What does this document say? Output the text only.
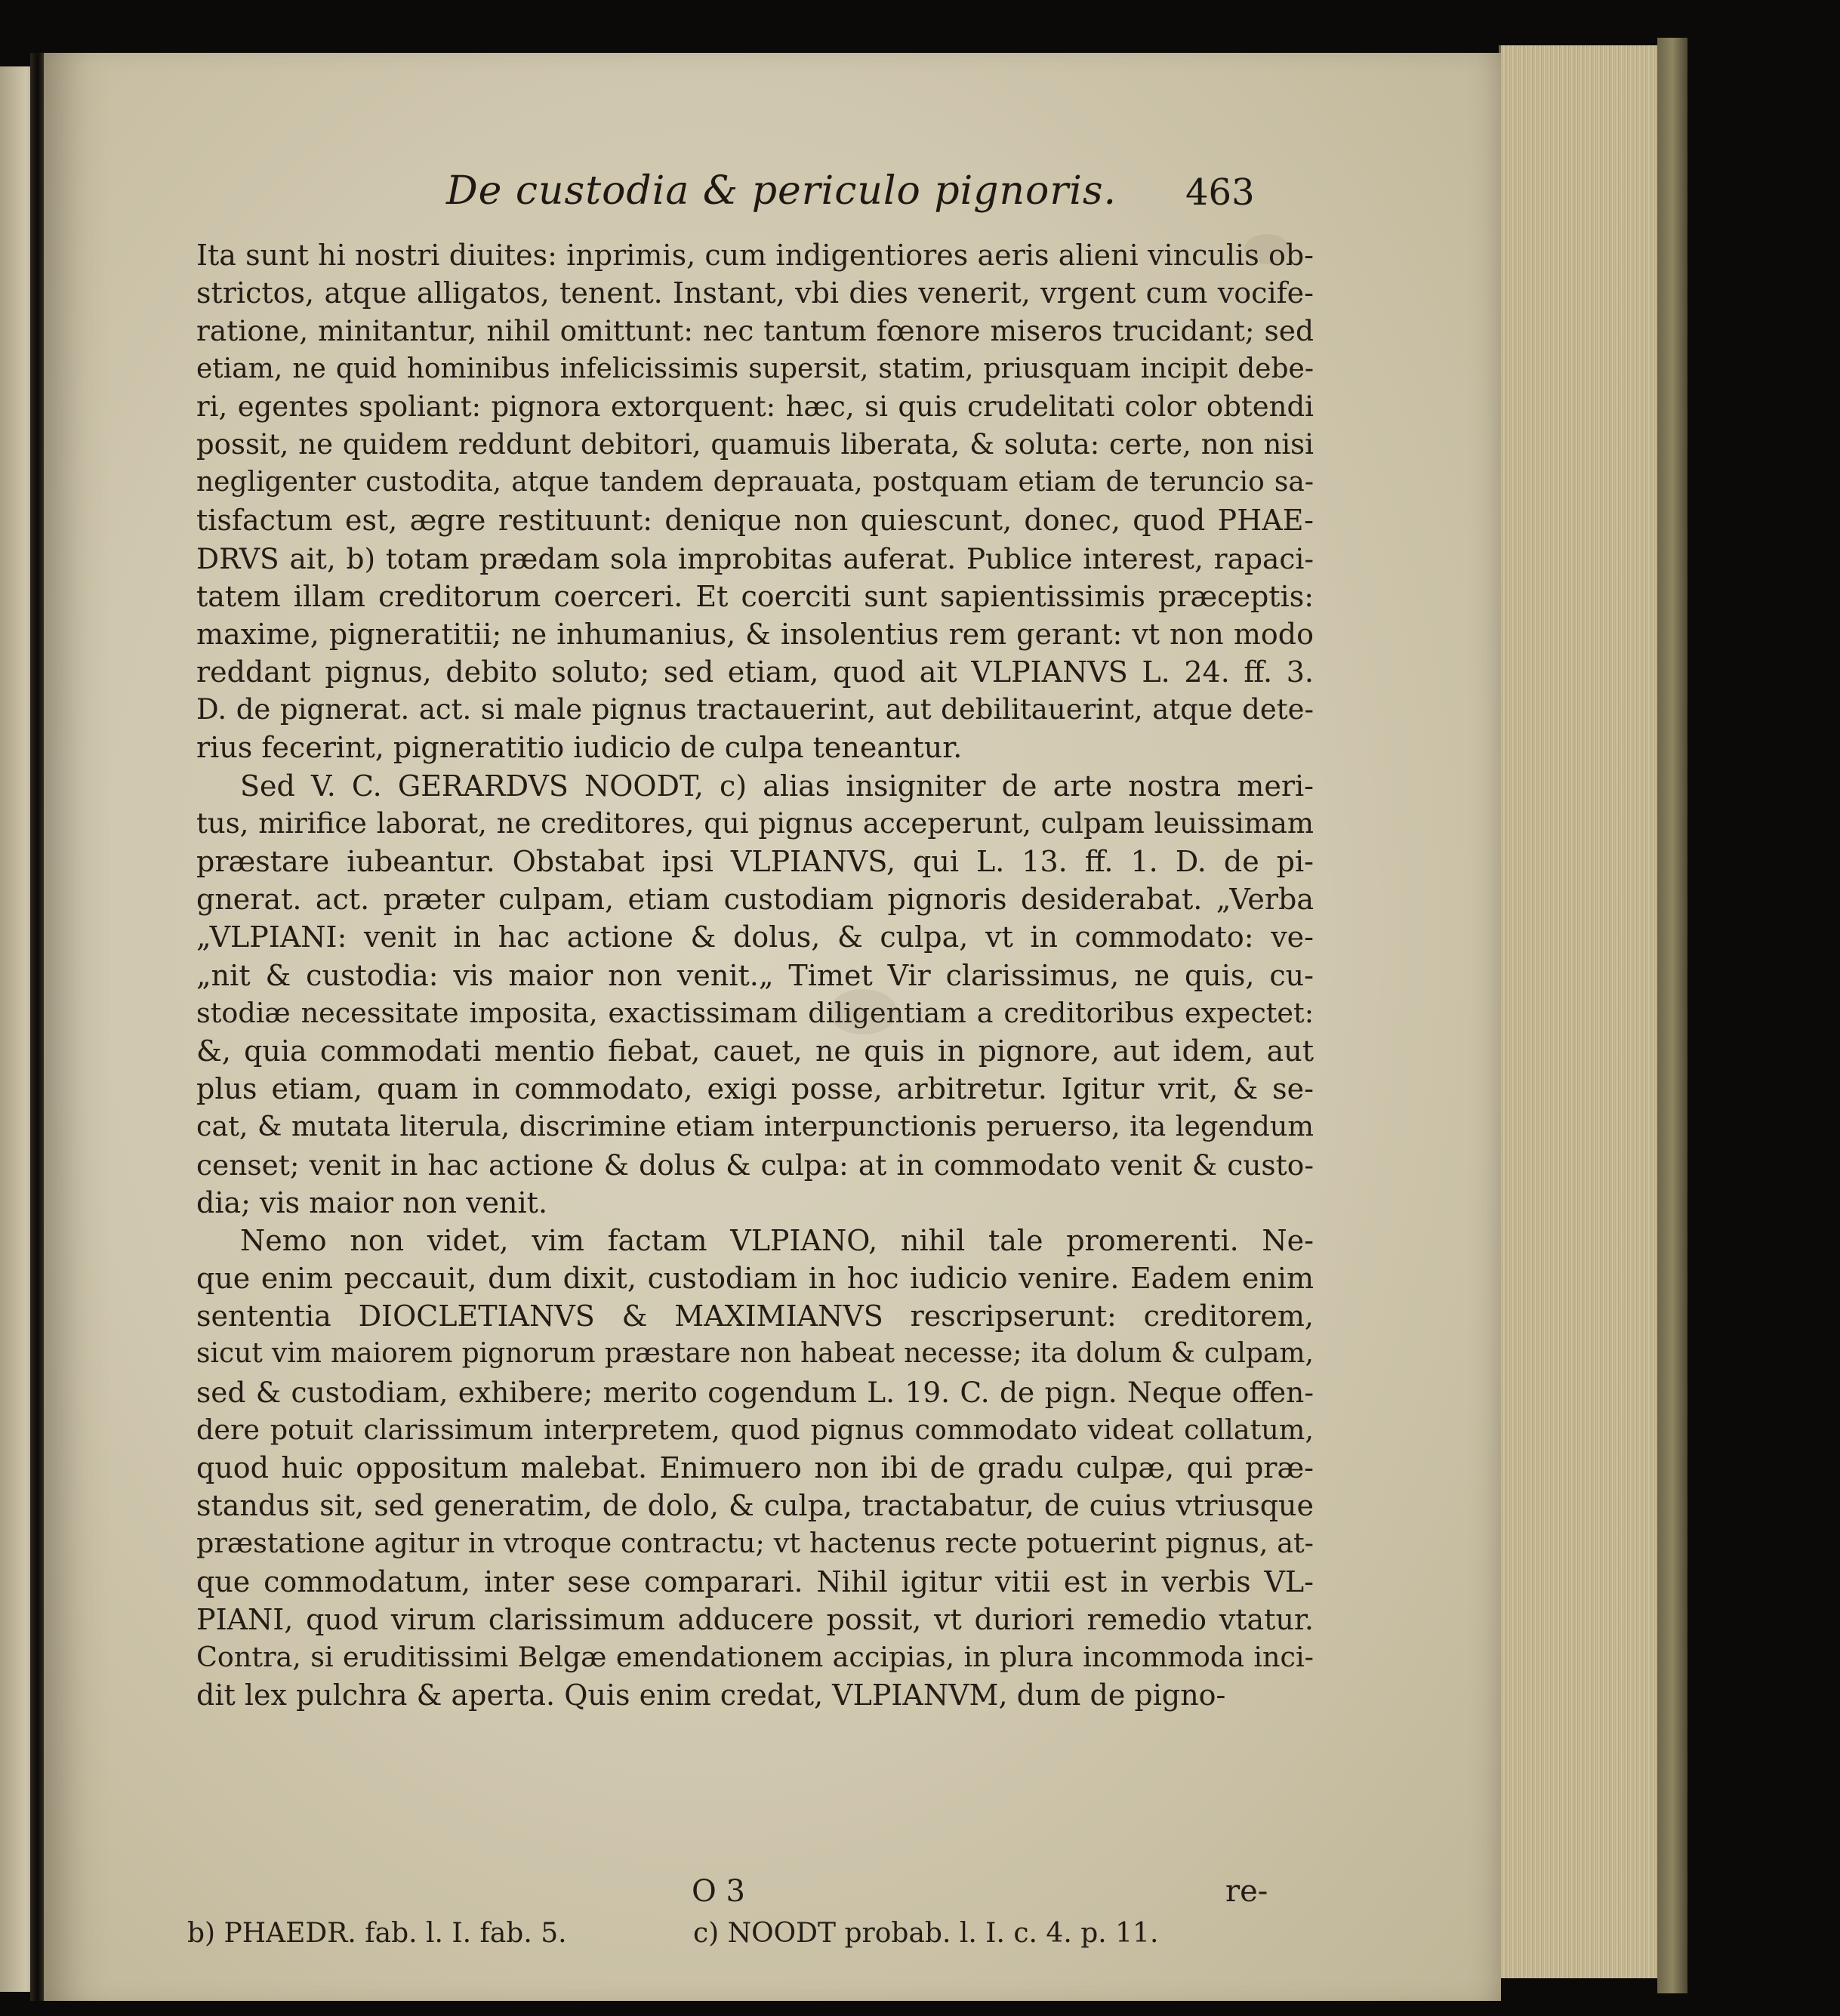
De custodia & periculo pignoris.	463
Ita sunt hi nostri diuites: inprimis, cum indigentiores aeris alieni vinculis ob-
strictos, atque alligatos, tenent. Instant, vbi dies venerit, vrgent cum vocife-
ratione, minitantur, nihil omittunt: nec tantum fœnore miseros trucidant; sed
etiam, ne quid hominibus infelicissimis supersit, statim, priusquam incipit debe-
ri, egentes spoliant: pignora extorquent: hæc, si quis crudelitati color obtendi
possit, ne quidem reddunt debitori, quamuis liberata, & soluta: certe, non nisi
negligenter custodita, atque tandem deprauata, postquam etiam de teruncio sa-
tisfactum est, ægre restituunt: denique non quiescunt, donec, quod PHAE-
DRVS ait, b) totam prædam sola improbitas auferat. Publice interest, rapaci-
tatem illam creditorum coerceri. Et coerciti sunt sapientissimis præceptis:
maxime, pigneratitii; ne inhumanius, & insolentius rem gerant: vt non modo
reddant pignus, debito soluto; sed etiam, quod ait VLPIANVS L. 24. ff. 3.
D. de pignerat. act. si male pignus tractauerint, aut debilitauerint, atque dete-
rius fecerint, pigneratitio iudicio de culpa teneantur.
Sed V. C. GERARDVS NOODT, c) alias insigniter de arte nostra meri-
tus, mirifice laborat, ne creditores, qui pignus acceperunt, culpam leuissimam
præstare iubeantur. Obstabat ipsi VLPIANVS, qui L. 13. ff. 1. D. de pi-
gnerat. act. præter culpam, etiam custodiam pignoris desiderabat. „Verba
„VLPIANI: venit in hac actione & dolus, & culpa, vt in commodato: ve-
„nit & custodia: vis maior non venit.„ Timet Vir clarissimus, ne quis, cu-
stodiæ necessitate imposita, exactissimam diligentiam a creditoribus expectet:
&, quia commodati mentio fiebat, cauet, ne quis in pignore, aut idem, aut
plus etiam, quam in commodato, exigi posse, arbitretur. Igitur vrit, & se-
cat, & mutata literula, discrimine etiam interpunctionis peruerso, ita legendum
censet; venit in hac actione & dolus & culpa: at in commodato venit & custo-
dia; vis maior non venit.
Nemo non videt, vim factam VLPIANO, nihil tale promerenti. Ne-
que enim peccauit, dum dixit, custodiam in hoc iudicio venire. Eadem enim
sententia DIOCLETIANVS & MAXIMIANVS rescripserunt: creditorem,
sicut vim maiorem pignorum præstare non habeat necesse; ita dolum & culpam,
sed & custodiam, exhibere; merito cogendum L. 19. C. de pign. Neque offen-
dere potuit clarissimum interpretem, quod pignus commodato videat collatum,
quod huic oppositum malebat. Enimuero non ibi de gradu culpæ, qui præ-
standus sit, sed generatim, de dolo, & culpa, tractabatur, de cuius vtriusque
præstatione agitur in vtroque contractu; vt hactenus recte potuerint pignus, at-
que commodatum, inter sese comparari. Nihil igitur vitii est in verbis VL-
PIANI, quod virum clarissimum adducere possit, vt duriori remedio vtatur.
Contra, si eruditissimi Belgæ emendationem accipias, in plura incommoda inci-
dit lex pulchra & aperta. Quis enim credat, VLPIANVM, dum de pigno-
O 3	re-
b) PHAEDR. fab. l. I. fab. 5.	c) NOODT probab. l. I. c. 4. p. 11.
